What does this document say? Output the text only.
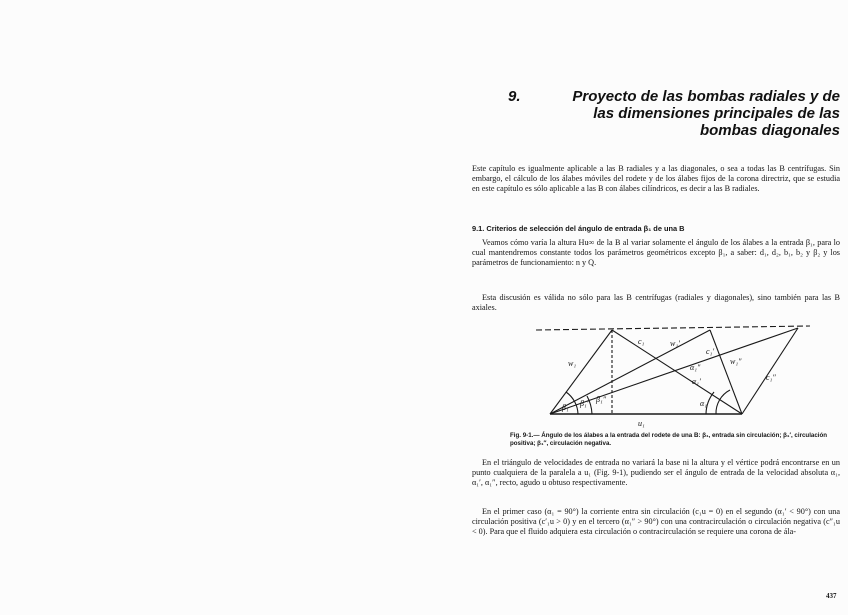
9.	Proyecto de las bombas radiales y de
las dimensiones principales de las
bombas diagonales
Este capítulo es igualmente aplicable a las B radiales y a las diagonales, o sea a todas las B centrífugas. Sin embargo, el cálculo de los álabes móviles del rodete y de los álabes fijos de la corona directriz, que se estudia en este capítulo es sólo aplicable a las B con álabes cilíndricos, es decir a las B radiales.
9.1. Criterios de selección del ángulo de entrada β₁ de una B
Veamos cómo varía la altura Hu∞ de la B al variar solamente el ángulo de los álabes a la entrada β₁, para lo cual mantendremos constante todos los parámetros geométricos excepto β₁, a saber: d₁, d₂, b₁, b₂ y β₂ y los parámetros de funcionamiento: n y Q.
Esta discusión es válida no sólo para las B centrífugas (radiales y diagonales), sino también para las B axiales.
w₁
c₁	w₁′
c₁′
w₁″
c₁″
u₁
β₁ β₁′ β₁″	α₁
α₁′
α₁″
Fig. 9-1.— Ángulo de los álabes a la entrada del rodete de una B: β₁, entrada sin circulación; β₁′, circulación positiva; β₁″, circulación negativa.
En el triángulo de velocidades de entrada no variará la base ni la altura y el vértice podrá encontrarse en un punto cualquiera de la paralela a u₁ (Fig. 9-1), pudiendo ser el ángulo de entrada de la velocidad absoluta α₁, α₁′, α₁″, recto, agudo u obtuso respectivamente.
En el primer caso (α₁ = 90°) la corriente entra sin circulación (c₁u = 0) en el segundo (α₁′ < 90°) con una circulación positiva (c′₁u > 0) y en el tercero (α₁″ > 90°) con una contracirculación o circulación negativa (c″₁u < 0). Para que el fluido adquiera esta circulación o contracirculación se requiere una corona de ála-
437
